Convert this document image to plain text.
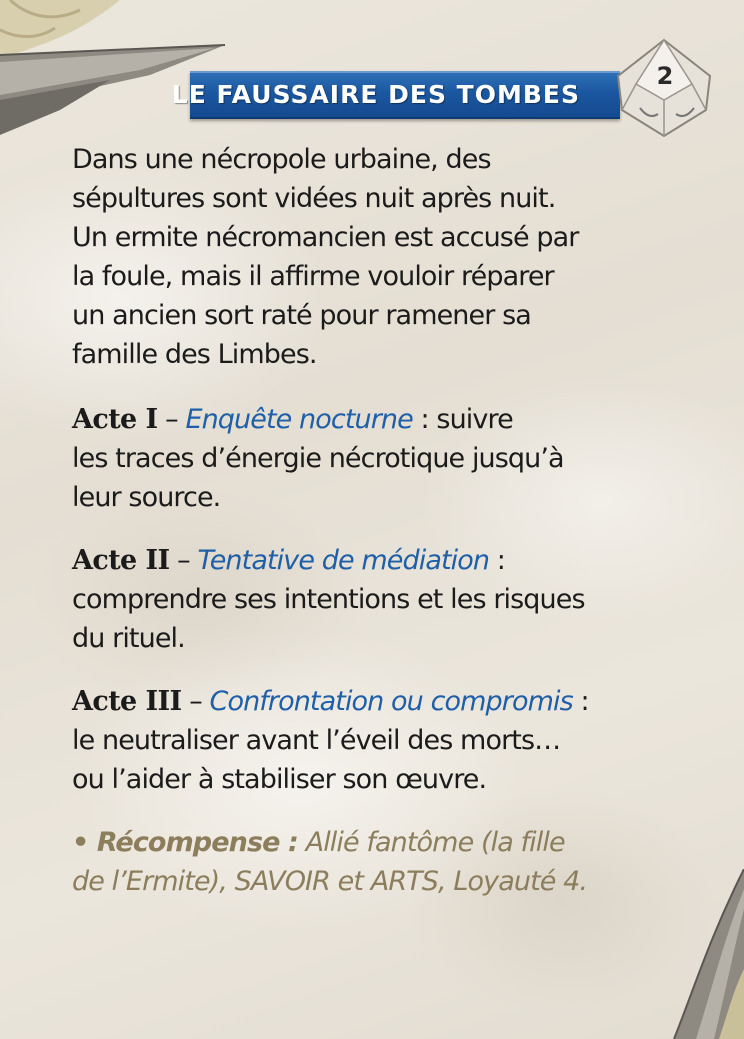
LE FAUSSAIRE DES TOMBES
2

Dans une nécropole urbaine, des
sépultures sont vidées nuit après nuit.
Un ermite nécromancien est accusé par
la foule, mais il affirme vouloir réparer
un ancien sort raté pour ramener sa
famille des Limbes.

Acte I – Enquête nocturne : suivre
les traces d’énergie nécrotique jusqu’à
leur source.

Acte II – Tentative de médiation :
comprendre ses intentions et les risques
du rituel.

Acte III – Confrontation ou compromis :
le neutraliser avant l’éveil des morts…
ou l’aider à stabiliser son œuvre.

• Récompense : Allié fantôme (la fille
de l’Ermite), SAVOIR et ARTS, Loyauté 4.
